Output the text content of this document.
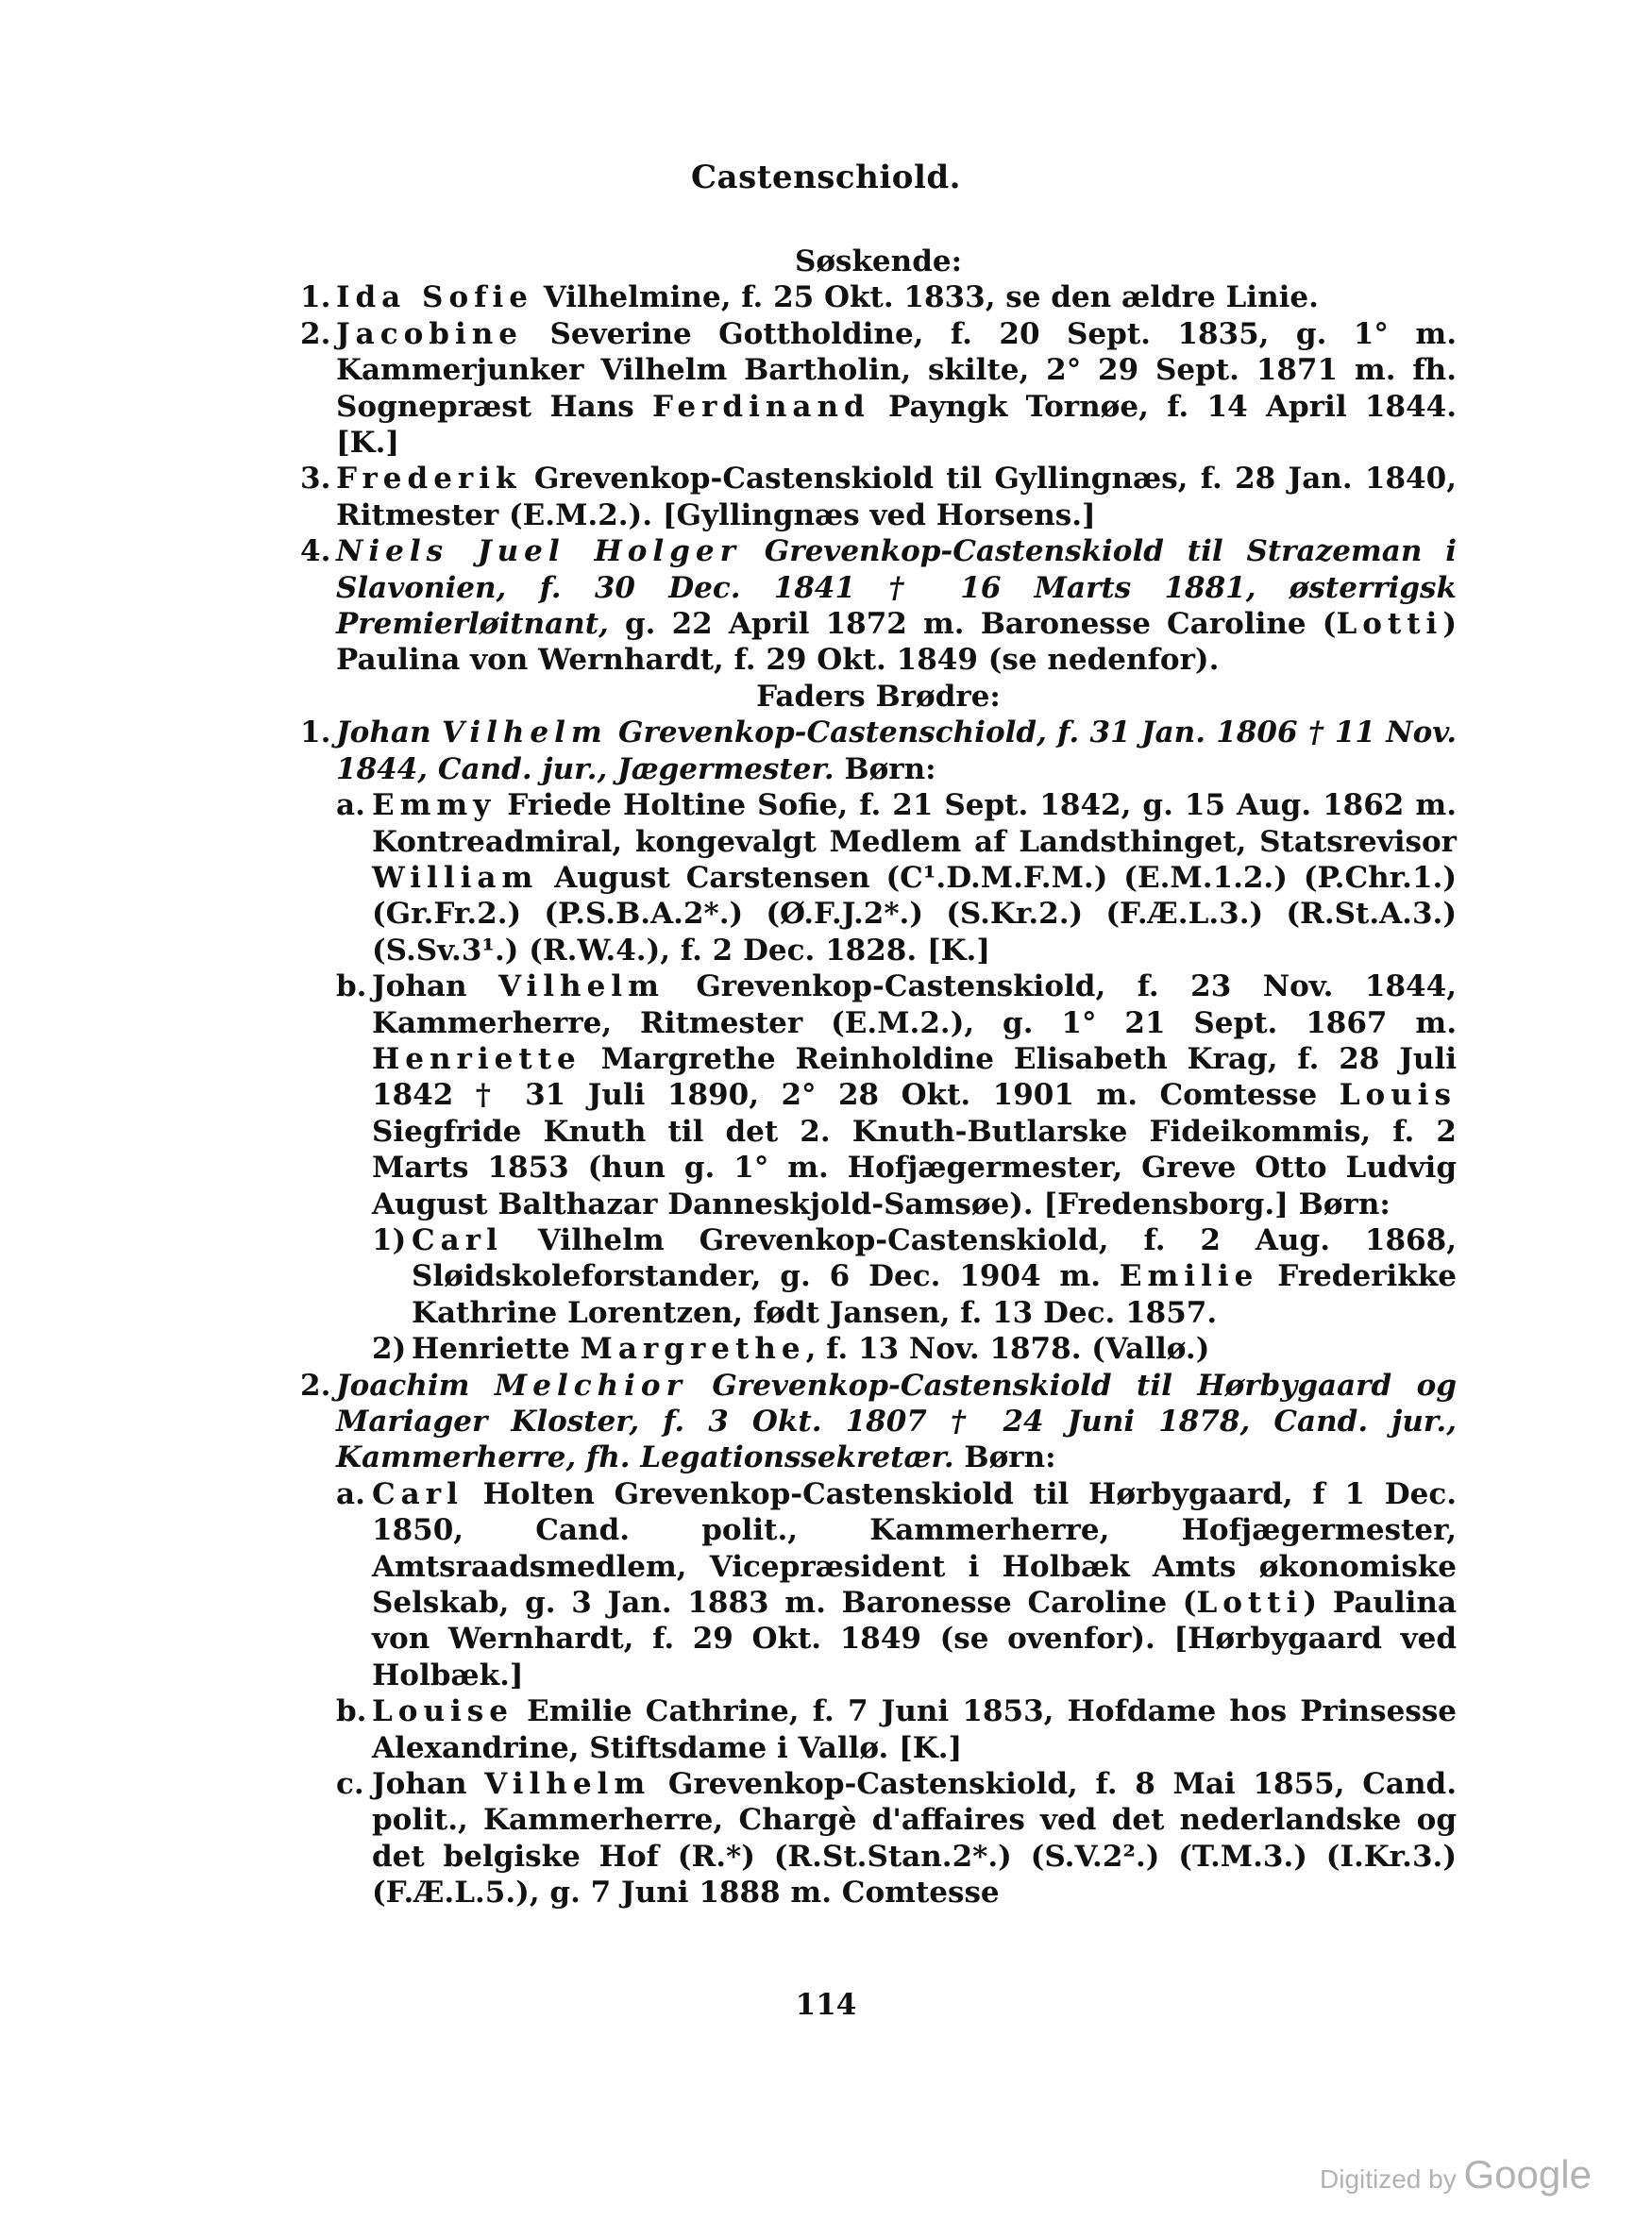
Castenschiold.

Søskende:

1. Ida Sofie Vilhelmine, f. 25 Okt. 1833, se den ældre Linie.

2. Jacobine Severine Gottholdine, f. 20 Sept. 1835, g. 1° m. Kammerjunker Vilhelm Bartholin, skilte, 2° 29 Sept. 1871 m. fh. Sognepræst Hans Ferdinand Payngk Tornøe, f. 14 April 1844. [K.]

3. Frederik Grevenkop-Castenskiold til Gyllingnæs, f. 28 Jan. 1840, Ritmester (E.M.2.). [Gyllingnæs ved Horsens.]

4. Niels Juel Holger Grevenkop-Castenskiold til Strazeman i Slavonien, f. 30 Dec. 1841 † 16 Marts 1881, østerrigsk Premierløitnant, g. 22 April 1872 m. Baronesse Caroline (Lotti) Paulina von Wernhardt, f. 29 Okt. 1849 (se nedenfor).

Faders Brødre:

1. Johan Vilhelm Grevenkop-Castenschiold, f. 31 Jan. 1806 † 11 Nov. 1844, Cand. jur., Jægermester. Børn:

a. Emmy Friede Holtine Sofie, f. 21 Sept. 1842, g. 15 Aug. 1862 m. Kontreadmiral, kongevalgt Medlem af Landsthinget, Statsrevisor William August Carstensen (C¹.D.M.F.M.) (E.M.1.2.) (P.Chr.1.) (Gr.Fr.2.) (P.S.B.A.2*.) (Ø.F.J.2*.) (S.Kr.2.) (F.Æ.L.3.) (R.St.A.3.) (S.Sv.3¹.) (R.W.4.), f. 2 Dec. 1828. [K.]

b. Johan Vilhelm Grevenkop-Castenskiold, f. 23 Nov. 1844, Kammerherre, Ritmester (E.M.2.), g. 1° 21 Sept. 1867 m. Henriette Margrethe Reinholdine Elisabeth Krag, f. 28 Juli 1842 † 31 Juli 1890, 2° 28 Okt. 1901 m. Comtesse Louis Siegfride Knuth til det 2. Knuth-Butlarske Fideikommis, f. 2 Marts 1853 (hun g. 1° m. Hofjægermester, Greve Otto Ludvig August Balthazar Danneskjold-Samsøe). [Fredensborg.] Børn:

1) Carl Vilhelm Grevenkop-Castenskiold, f. 2 Aug. 1868, Sløidskoleforstander, g. 6 Dec. 1904 m. Emilie Frederikke Kathrine Lorentzen, født Jansen, f. 13 Dec. 1857.

2) Henriette Margrethe, f. 13 Nov. 1878. (Vallø.)

2. Joachim Melchior Grevenkop-Castenskiold til Hørbygaard og Mariager Kloster, f. 3 Okt. 1807 † 24 Juni 1878, Cand. jur., Kammerherre, fh. Legationssekretær. Børn:

a. Carl Holten Grevenkop-Castenskiold til Hørbygaard, f 1 Dec. 1850, Cand. polit., Kammerherre, Hofjægermester, Amtsraadsmedlem, Vicepræsident i Holbæk Amts økonomiske Selskab, g. 3 Jan. 1883 m. Baronesse Caroline (Lotti) Paulina von Wernhardt, f. 29 Okt. 1849 (se ovenfor). [Hørbygaard ved Holbæk.]

b. Louise Emilie Cathrine, f. 7 Juni 1853, Hofdame hos Prinsesse Alexandrine, Stiftsdame i Vallø. [K.]

c. Johan Vilhelm Grevenkop-Castenskiold, f. 8 Mai 1855, Cand. polit., Kammerherre, Chargè d'affaires ved det nederlandske og det belgiske Hof (R.*) (R.St.Stan.2*.) (S.V.2².) (T.M.3.) (I.Kr.3.) (F.Æ.L.5.), g. 7 Juni 1888 m. Comtesse

114
Digitized by Google
